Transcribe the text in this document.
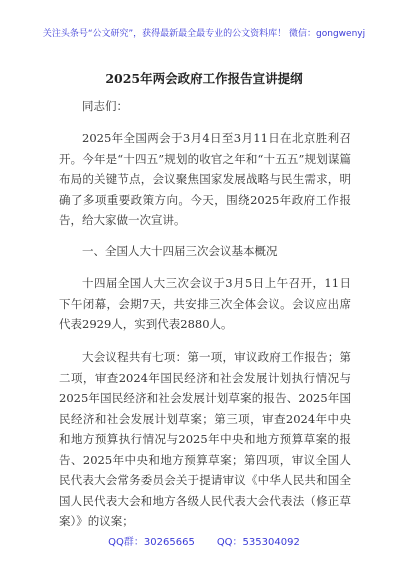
关注头条号“公文研究”，获得最新最全最专业的公文资料库！ 微信：gongwenyj
2025年两会政府工作报告宣讲提纲

同志们：

2025年全国两会于3月4日至3月11日在北京胜利召开。今年是“十四五”规划的收官之年和“十五五”规划谋篇布局的关键节点，会议聚焦国家发展战略与民生需求，明确了多项重要政策方向。今天，围绕2025年政府工作报告，给大家做一次宣讲。

一、全国人大十四届三次会议基本概况

十四届全国人大三次会议于3月5日上午召开，11日下午闭幕，会期7天，共安排三次全体会议。会议应出席代表2929人，实到代表2880人。

大会议程共有七项：第一项，审议政府工作报告；第二项，审查2024年国民经济和社会发展计划执行情况与2025年国民经济和社会发展计划草案的报告、2025年国民经济和社会发展计划草案；第三项，审查2024年中央和地方预算执行情况与2025年中央和地方预算草案的报告、2025年中央和地方预算草案；第四项，审议全国人民代表大会常务委员会关于提请审议《中华人民共和国全国人民代表大会和地方各级人民代表大会代表法（修正草案）》的议案；

QQ群：30265665 QQ：535304092
